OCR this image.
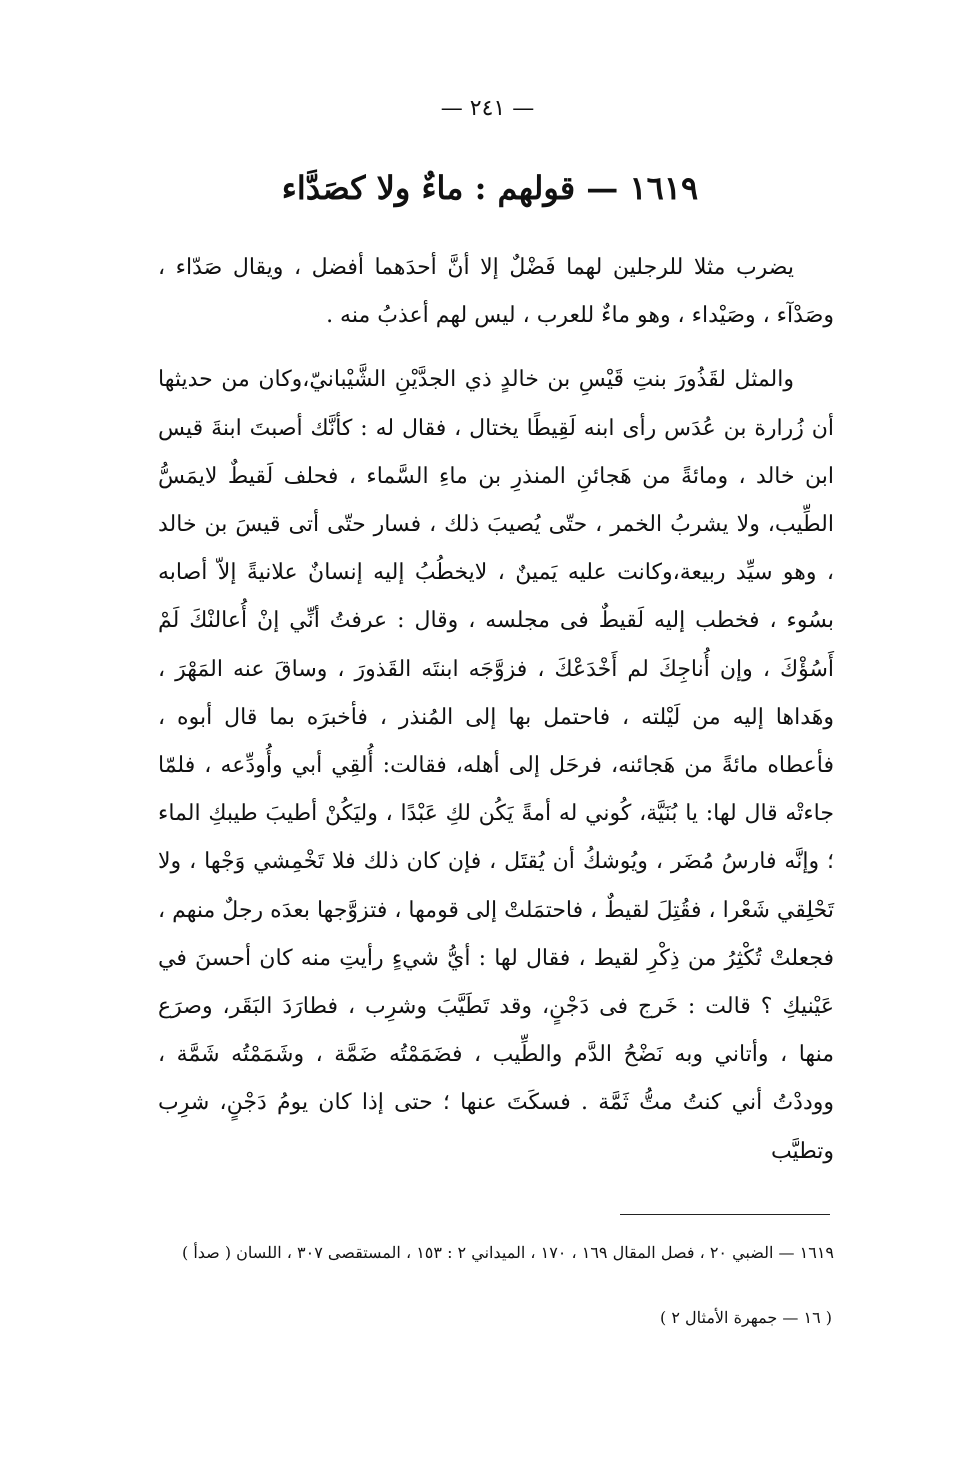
— ٢٤١ —
١٦١٩ — قولهم : ماءٌ ولا كصَدَّاء

يضرب مثلا للرجلين لهما فَضْلٌ إلا أنَّ أحدَهما أفضل ، ويقال صَدّاء ، وصَدْآء ، وصَيْداء ، وهو ماءٌ للعرب ، ليس لهم أعذبُ منه .

والمثل لقَذُورَ بنتِ قَيْسِ بن خالدٍ ذي الجدَّيْنِ الشَّيْبانيّ،وكان من حديثها أن زُرارة بن عُدَس رأى ابنه لَقِيطًا يختال ، فقال له : كأنَّك أصبتَ ابنةَ قيس ابن خالد ، ومائةً من هَجائنِ المنذرِ بن ماءِ السَّماء ، فحلف لَقيطٌ لايمَسُّ الطِّيب، ولا يشربُ الخمر ، حتّى يُصيبَ ذلك ، فسار حتّى أتى قيسَ بن خالد ، وهو سيِّد ربيعة،وكانت عليه يَمينٌ ، لايخطُبُ إليه إنسانٌ علانيةً إلاّ أصابه بسُوء ، فخطب إليه لَقيطٌ فى مجلسه ، وقال : عرفتُ أنِّي إنْ أُعالنْكَ لَمْ أَسُؤْكَ ، وإن أُناجِكَ لم أَخْدَعْكَ ، فزوَّجَه ابنتَه القَذورَ ، وساقَ عنه المَهْرَ ، وهَداها إليه من لَيْلته ، فاحتمل بها إلى المُنذر ، فأخبرَه بما قال أبوه ، فأعطاه مائةً من هَجائنه، فرحَل إلى أهله، فقالت: أُلقِي أبي وأُودِّعه ، فلمّا جاءتْه قال لها: يا بُنَيَّة، كُوني له أمةً يَكُن لكِ عَبْدًا ، وليَكُنْ أطيبَ طيبكِ الماء ؛ وإنَّه فارسُ مُضَر ، ويُوشكُ أن يُقتَل ، فإن كان ذلك فلا تَخْمِشي وَجْها ، ولا تَحْلِقي شَعْرا ، فقُتِلَ لقيطٌ ، فاحتمَلتْ إلى قومها ، فتزوَّجها بعدَه رجلٌ منهم ، فجعلتْ تُكْثِرُ من ذِكْرِ لقيط ، فقال لها : أيُّ شيءٍ رأيتِ منه كان أحسنَ في عَيْنيكِ ؟ قالت : خَرج فى دَجْنٍ، وقد تَطَيَّبَ وشرِب ، فطارَدَ البَقَر، وصرَع منها ، وأتاني وبه نَضْحُ الدَّم والطِّيب ، فضَمَمْتُه ضَمَّة ، وشَمَمْتُه شَمَّة ، ووددْتُ أني كنتُ متُّ ثَمَّة . فسكَتَ عنها ؛ حتى إذا كان يومُ دَجْنٍ، شرِب وتطيَّب

١٦١٩ — الضبي ٢٠ ، فصل المقال ١٦٩ ، ١٧٠ ، الميداني ٢ : ١٥٣ ، المستقصى ٣٠٧ ، اللسان ( صدأ )
( ١٦ — جمهرة الأمثال ٢ )
